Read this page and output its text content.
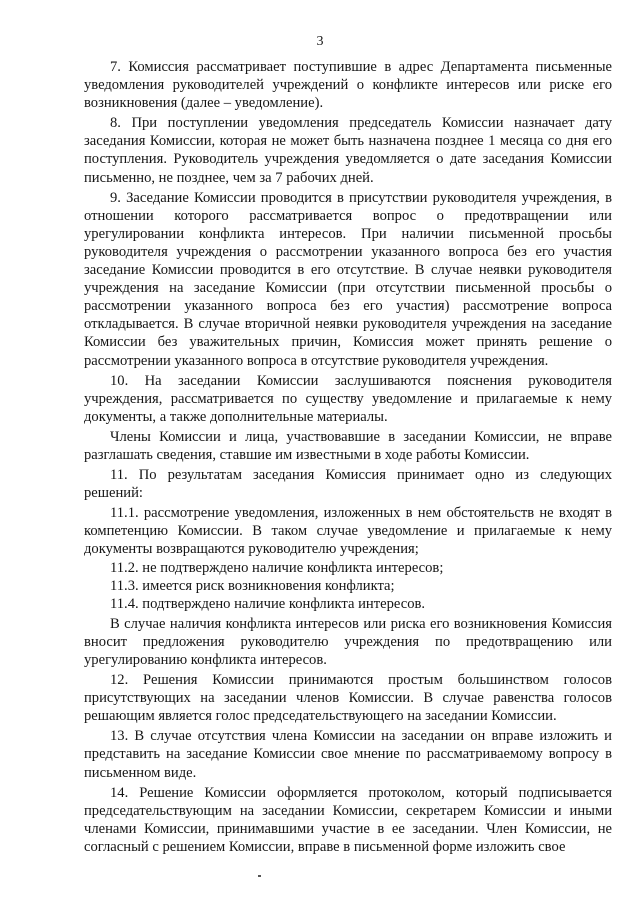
3

7. Комиссия рассматривает поступившие в адрес Департамента письменные уведомления руководителей учреждений о конфликте интересов или риске его возникновения (далее – уведомление).

8. При поступлении уведомления председатель Комиссии назначает дату заседания Комиссии, которая не может быть назначена позднее 1 месяца со дня его поступления. Руководитель учреждения уведомляется о дате заседания Комиссии письменно, не позднее, чем за 7 рабочих дней.

9. Заседание Комиссии проводится в присутствии руководителя учреждения, в отношении которого рассматривается вопрос о предотвращении или урегулировании конфликта интересов. При наличии письменной просьбы руководителя учреждения о рассмотрении указанного вопроса без его участия заседание Комиссии проводится в его отсутствие. В случае неявки руководителя учреждения на заседание Комиссии (при отсутствии письменной просьбы о рассмотрении указанного вопроса без его участия) рассмотрение вопроса откладывается. В случае вторичной неявки руководителя учреждения на заседание Комиссии без уважительных причин, Комиссия может принять решение о рассмотрении указанного вопроса в отсутствие руководителя учреждения.

10. На заседании Комиссии заслушиваются пояснения руководителя учреждения, рассматривается по существу уведомление и прилагаемые к нему документы, а также дополнительные материалы.

Члены Комиссии и лица, участвовавшие в заседании Комиссии, не вправе разглашать сведения, ставшие им известными в ходе работы Комиссии.

11. По результатам заседания Комиссия принимает одно из следующих решений:

11.1. рассмотрение уведомления, изложенных в нем обстоятельств не входят в компетенцию Комиссии. В таком случае уведомление и прилагаемые к нему документы возвращаются руководителю учреждения;

11.2. не подтверждено наличие конфликта интересов;

11.3. имеется риск возникновения конфликта;

11.4. подтверждено наличие конфликта интересов.

В случае наличия конфликта интересов или риска его возникновения Комиссия вносит предложения руководителю учреждения по предотвращению или урегулированию конфликта интересов.

12. Решения Комиссии принимаются простым большинством голосов присутствующих на заседании членов Комиссии. В случае равенства голосов решающим является голос председательствующего на заседании Комиссии.

13. В случае отсутствия члена Комиссии на заседании он вправе изложить и представить на заседание Комиссии свое мнение по рассматриваемому вопросу в письменном виде.

14. Решение Комиссии оформляется протоколом, который подписывается председательствующим на заседании Комиссии, секретарем Комиссии и иными членами Комиссии, принимавшими участие в ее заседании. Член Комиссии, не согласный с решением Комиссии, вправе в письменной форме изложить свое
